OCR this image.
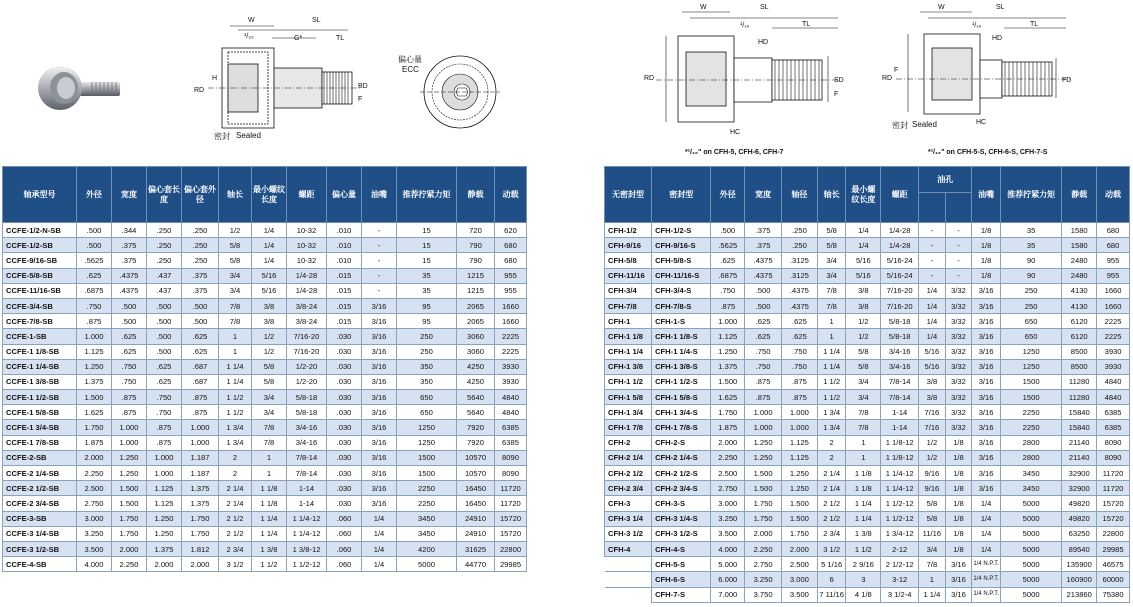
W	SL
¹/₃₂	G*	TL
RD
H
BD
F
偏心量
ECC
密封 Sealed
W	SL
¹/₁₆	TL
HD
RD	SD
F
HC
*¹/₁₆" on CFH-5, CFH-6, CFH-7
W	SL
¹/₁₆	TL
HD
RD
F
FD
HC
密封 Sealed
*¹/₁₆" on CFH-5-S, CFH-6-S, CFH-7-S
轴承型号	外径	宽度	偏心套长度	偏心套外径	轴长	最小螺纹长度	螺距	偏心量	油嘴	推荐拧紧力矩	静载	动载
CCFE-1/2-N-SB	.500	.344	.250	.250	1/2	1/4	10-32	.010	-	15	720	620
CCFE-1/2-SB	.500	.375	.250	.250	5/8	1/4	10-32	.010	-	15	790	680
CCFE-9/16-SB	.5625	.375	.250	.250	5/8	1/4	10-32	.010	-	15	790	680
CCFE-5/8-SB	.625	.4375	.437	.375	3/4	5/16	1/4-28	.015	-	35	1215	955
CCFE-11/16-SB	.6875	.4375	.437	.375	3/4	5/16	1/4-28	.015	-	35	1215	955
CCFE-3/4-SB	.750	.500	.500	.500	7/8	3/8	3/8-24	.015	3/16	95	2065	1660
CCFE-7/8-SB	.875	.500	.500	.500	7/8	3/8	3/8-24	.015	3/16	95	2065	1660
CCFE-1-SB	1.000	.625	.500	.625	1	1/2	7/16-20	.030	3/16	250	3060	2225
CCFE-1 1/8-SB	1.125	.625	.500	.625	1	1/2	7/16-20	.030	3/16	250	3060	2225
CCFE-1 1/4-SB	1.250	.750	.625	.687	1 1/4	5/8	1/2-20	.030	3/16	350	4250	3930
CCFE-1 3/8-SB	1.375	.750	.625	.687	1 1/4	5/8	1/2-20	.030	3/16	350	4250	3930
CCFE-1 1/2-SB	1.500	.875	.750	.875	1 1/2	3/4	5/8-18	.030	3/16	650	5640	4840
CCFE-1 5/8-SB	1.625	.875	.750	.875	1 1/2	3/4	5/8-18	.030	3/16	650	5640	4840
CCFE-1 3/4-SB	1.750	1.000	.875	1.000	1 3/4	7/8	3/4-16	.030	3/16	1250	7920	6385
CCFE-1 7/8-SB	1.875	1.000	.875	1.000	1 3/4	7/8	3/4-16	.030	3/16	1250	7920	6385
CCFE-2-SB	2.000	1.250	1.000	1.187	2	1	7/8-14	.030	3/16	1500	10570	8090
CCFE-2 1/4-SB	2.250	1.250	1.000	1.187	2	1	7/8-14	.030	3/16	1500	10570	8090
CCFE-2 1/2-SB	2.500	1.500	1.125	1.375	2 1/4	1 1/8	1-14	.030	3/16	2250	16450	11720
CCFE-2 3/4-SB	2.750	1.500	1.125	1.375	2 1/4	1 1/8	1-14	.030	3/16	2250	16450	11720
CCFE-3-SB	3.000	1.750	1.250	1.750	2 1/2	1 1/4	1 1/4-12	.060	1/4	3450	24910	15720
CCFE-3 1/4-SB	3.250	1.750	1.250	1.750	2 1/2	1 1/4	1 1/4-12	.060	1/4	3450	24910	15720
CCFE-3 1/2-SB	3.500	2.000	1.375	1.812	2 3/4	1 3/8	1 3/8-12	.060	1/4	4200	31625	22800
CCFE-4-SB	4.000	2.250	2.000	2.000	3 1/2	1 1/2	1 1/2-12	.060	1/4	5000	44770	29985
无密封型	密封型	外径	宽度	轴径	轴长	最小螺纹长度	螺距	油孔		油嘴	推荐拧紧力矩	静载	动载

CFH-1/2	CFH-1/2-S	.500	.375	.250	5/8	1/4	1/4-28	-	-	1/8	35	1580	680
CFH-9/16	CFH-9/16-S	.5625	.375	.250	5/8	1/4	1/4-28	-	-	1/8	35	1580	680
CFH-5/8	CFH-5/8-S	.625	.4375	.3125	3/4	5/16	5/16-24	-	-	1/8	90	2480	955
CFH-11/16	CFH-11/16-S	.6875	.4375	.3125	3/4	5/16	5/16-24	-	-	1/8	90	2480	955
CFH-3/4	CFH-3/4-S	.750	.500	.4375	7/8	3/8	7/16-20	1/4	3/32	3/16	250	4130	1660
CFH-7/8	CFH-7/8-S	.875	.500	.4375	7/8	3/8	7/16-20	1/4	3/32	3/16	250	4130	1660
CFH-1	CFH-1-S	1.000	.625	.625	1	1/2	5/8-18	1/4	3/32	3/16	650	6120	2225
CFH-1 1/8	CFH-1 1/8-S	1.125	.625	.625	1	1/2	5/8-18	1/4	3/32	3/16	650	6120	2225
CFH-1 1/4	CFH-1 1/4-S	1.250	.750	.750	1 1/4	5/8	3/4-16	5/16	3/32	3/16	1250	8500	3930
CFH-1 3/8	CFH-1 3/8-S	1.375	.750	.750	1 1/4	5/8	3/4-16	5/16	3/32	3/16	1250	8500	3930
CFH-1 1/2	CFH-1 1/2-S	1.500	.875	.875	1 1/2	3/4	7/8-14	3/8	3/32	3/16	1500	11280	4840
CFH-1 5/8	CFH-1 5/8-S	1.625	.875	.875	1 1/2	3/4	7/8-14	3/8	3/32	3/16	1500	11280	4840
CFH-1 3/4	CFH-1 3/4-S	1.750	1.000	1.000	1 3/4	7/8	1-14	7/16	3/32	3/16	2250	15840	6385
CFH-1 7/8	CFH-1 7/8-S	1.875	1.000	1.000	1 3/4	7/8	1-14	7/16	3/32	3/16	2250	15840	6385
CFH-2	CFH-2-S	2.000	1.250	1.125	2	1	1 1/8-12	1/2	1/8	3/16	2800	21140	8090
CFH-2 1/4	CFH-2 1/4-S	2.250	1.250	1.125	2	1	1 1/8-12	1/2	1/8	3/16	2800	21140	8090
CFH-2 1/2	CFH-2 1/2-S	2.500	1.500	1.250	2 1/4	1 1/8	1 1/4-12	9/16	1/8	3/16	3450	32900	11720
CFH-2 3/4	CFH-2 3/4-S	2.750	1.500	1.250	2 1/4	1 1/8	1 1/4-12	9/16	1/8	3/16	3450	32900	11720
CFH-3	CFH-3-S	3.000	1.750	1.500	2 1/2	1 1/4	1 1/2-12	5/8	1/8	1/4	5000	49820	15720
CFH-3 1/4	CFH-3 1/4-S	3.250	1.750	1.500	2 1/2	1 1/4	1 1/2-12	5/8	1/8	1/4	5000	49820	15720
CFH-3 1/2	CFH-3 1/2-S	3.500	2.000	1.750	2 3/4	1 3/8	1 3/4-12	11/16	1/8	1/4	5000	63250	22800
CFH-4	CFH-4-S	4.000	2.250	2.000	3 1/2	1 1/2	2-12	3/4	1/8	1/4	5000	89540	29985
	CFH-5-S	5.000	2.750	2.500	5 1/16	2 9/16	2 1/2-12	7/8	3/16	1/4 N.P.T.	5000	135900	46575
	CFH-6-S	6.000	3.250	3.000	6	3	3-12	1	3/16	1/4 N.P.T.	5000	160900	60000
	CFH-7-S	7.000	3.750	3.500	7 11/16	4 1/8	3 1/2-4	1 1/4	3/16	1/4 N.P.T.	5000	213860	75380
